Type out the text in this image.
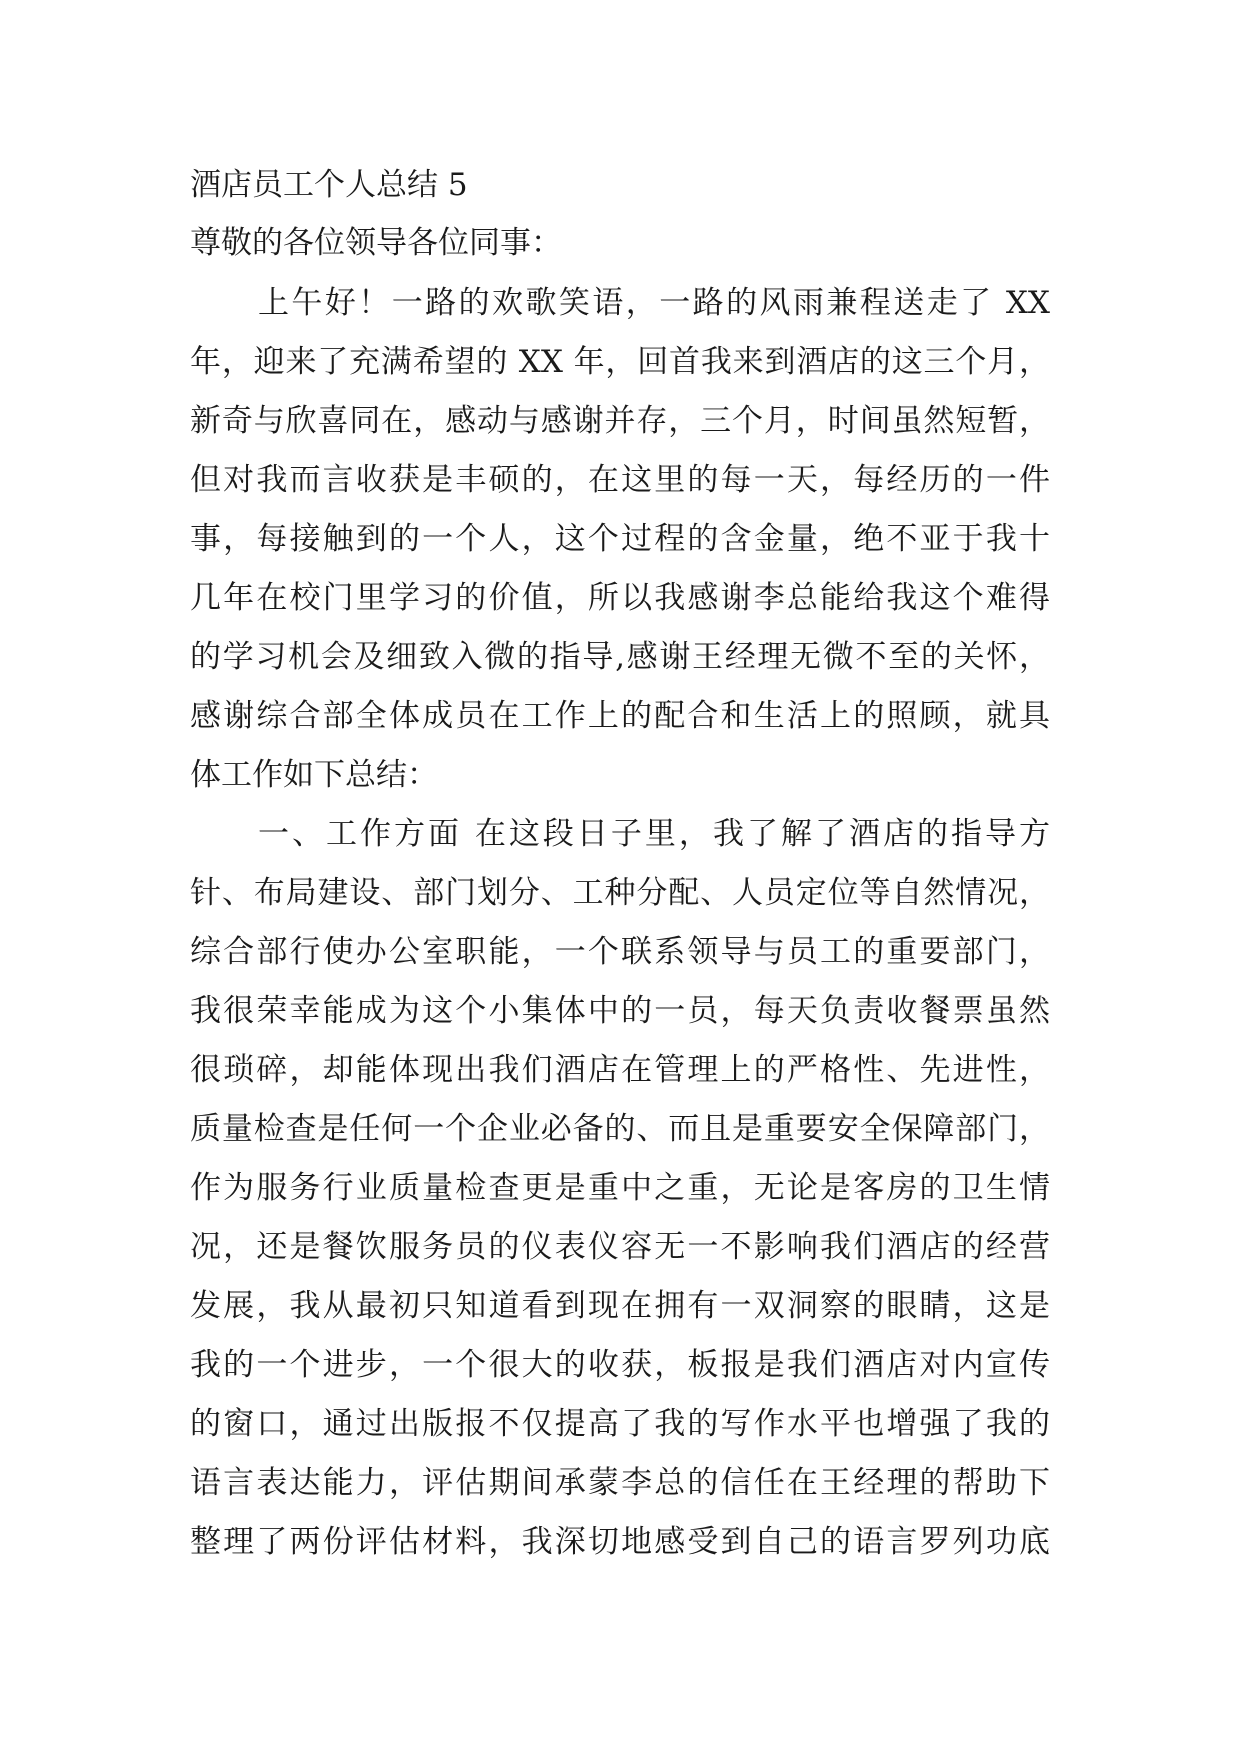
酒店员工个人总结 5
尊敬的各位领导各位同事：
上午好！一路的欢歌笑语，一路的风雨兼程送走了 XX
年，迎来了充满希望的 XX 年，回首我来到酒店的这三个月，
新奇与欣喜同在，感动与感谢并存，三个月，时间虽然短暂，
但对我而言收获是丰硕的，在这里的每一天，每经历的一件
事，每接触到的一个人，这个过程的含金量，绝不亚于我十
几年在校门里学习的价值，所以我感谢李总能给我这个难得
的学习机会及细致入微的指导,感谢王经理无微不至的关怀，
感谢综合部全体成员在工作上的配合和生活上的照顾，就具
体工作如下总结：
一、工作方面 在这段日子里，我了解了酒店的指导方
针、布局建设、部门划分、工种分配、人员定位等自然情况，
综合部行使办公室职能，一个联系领导与员工的重要部门，
我很荣幸能成为这个小集体中的一员，每天负责收餐票虽然
很琐碎，却能体现出我们酒店在管理上的严格性、先进性，
质量检查是任何一个企业必备的、而且是重要安全保障部门，
作为服务行业质量检查更是重中之重，无论是客房的卫生情
况，还是餐饮服务员的仪表仪容无一不影响我们酒店的经营
发展，我从最初只知道看到现在拥有一双洞察的眼睛，这是
我的一个进步，一个很大的收获，板报是我们酒店对内宣传
的窗口，通过出版报不仅提高了我的写作水平也增强了我的
语言表达能力，评估期间承蒙李总的信任在王经理的帮助下
整理了两份评估材料，我深切地感受到自己的语言罗列功底
